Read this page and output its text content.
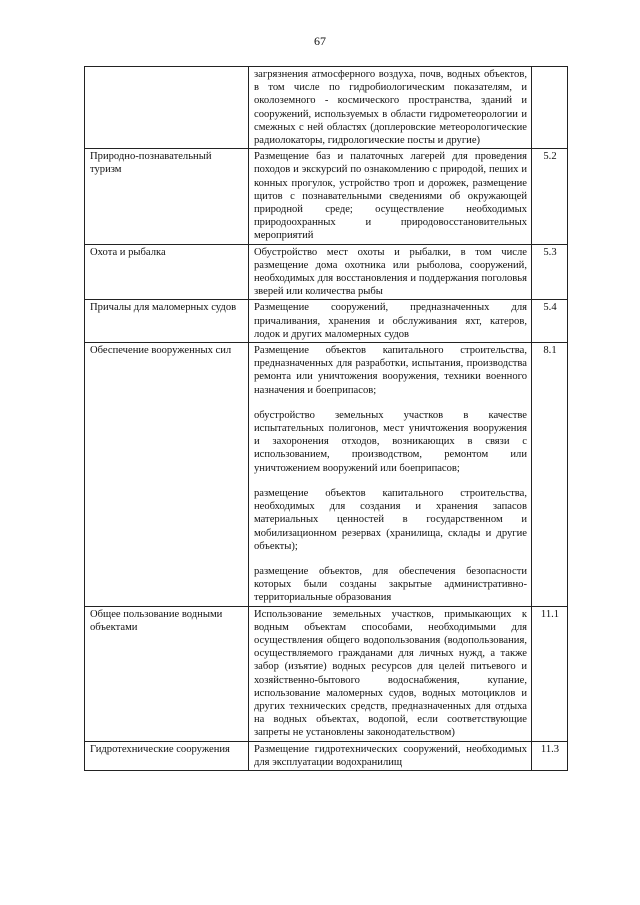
67

	загрязнения атмосферного воздуха, почв, водных объектов, в том числе по гидробиологическим показателям, и околоземного - космического пространства, зданий и сооружений, используемых в области гидрометеорологии и смежных с ней областях (доплеровские метеорологические радиолокаторы, гидрологические посты и другие)	

Природно-познавательный туризм	Размещение баз и палаточных лагерей для проведения походов и экскурсий по ознакомлению с природой, пеших и конных прогулок, устройство троп и дорожек, размещение щитов с познавательными сведениями об окружающей природной среде; осуществление необходимых природоохранных и природовосстановительных мероприятий	5.2
Охота и рыбалка	Обустройство мест охоты и рыбалки, в том числе размещение дома охотника или рыболова, сооружений, необходимых для восстановления и поддержания поголовья зверей или количества рыбы	5.3
Причалы для маломерных судов	Размещение сооружений, предназначенных для причаливания, хранения и обслуживания яхт, катеров, лодок и других маломерных судов	5.4
Обеспечение вооруженных сил	Размещение объектов капитального строительства, предназначенных для разработки, испытания, производства ремонта или уничтожения вооружения, техники военного назначения и боеприпасов;

обустройство земельных участков в качестве испытательных полигонов, мест уничтожения вооружения и захоронения отходов, возникающих в связи с использованием, производством, ремонтом или уничтожением вооружений или боеприпасов;

размещение объектов капитального строительства, необходимых для создания и хранения запасов материальных ценностей в государственном и мобилизационном резервах (хранилища, склады и другие объекты);

размещение объектов, для обеспечения безопасности которых были созданы закрытые административно-территориальные образования	8.1
Общее пользование водными объектами	Использование земельных участков, примыкающих к водным объектам способами, необходимыми для осуществления общего водопользования (водопользования, осуществляемого гражданами для личных нужд, а также забор (изъятие) водных ресурсов для целей питьевого и хозяйственно-бытового водоснабжения, купание, использование маломерных судов, водных мотоциклов и других технических средств, предназначенных для отдыха на водных объектах, водопой, если соответствующие запреты не установлены законодательством)	11.1
Гидротехнические сооружения	Размещение гидротехнических сооружений, необходимых для эксплуатации водохранилищ	11.3
